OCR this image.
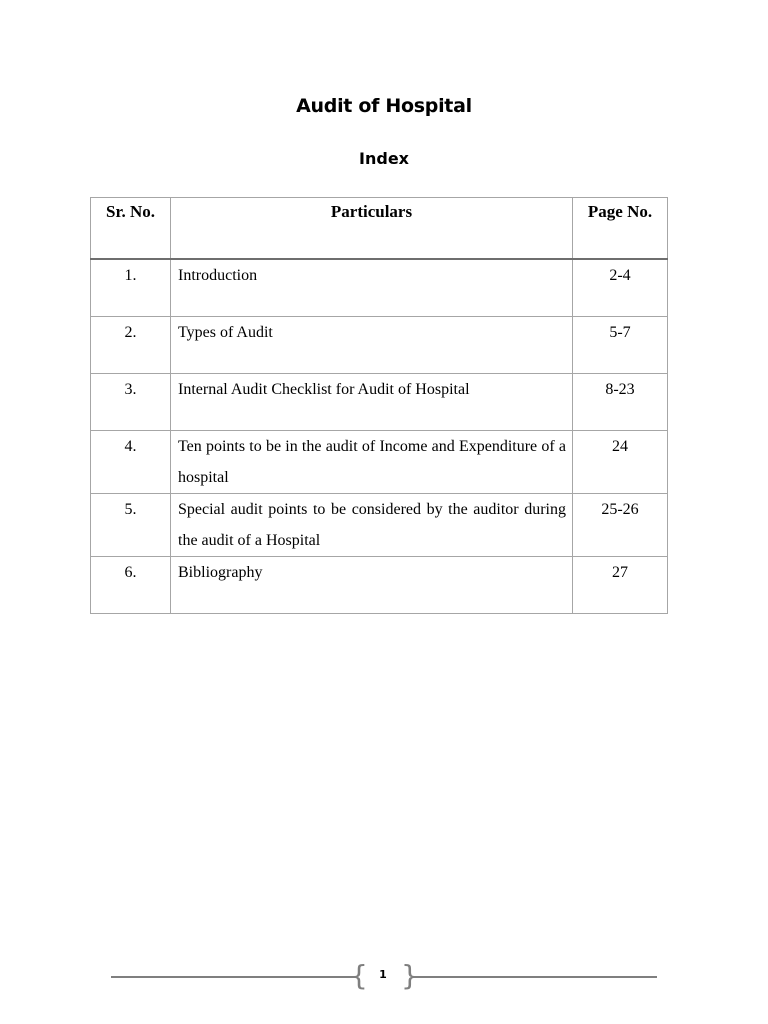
Audit of Hospital
Index
Sr. No.	Particulars	Page No.
1.	Introduction	2-4
2.	Types of Audit	5-7
3.	Internal Audit Checklist for Audit of Hospital	8-23
4.	Ten points to be in the audit of Income and Expenditure of a hospital	24
5.	Special audit points to be considered by the auditor during the audit of a Hospital	25-26
6.	Bibliography	27
{	1 }
